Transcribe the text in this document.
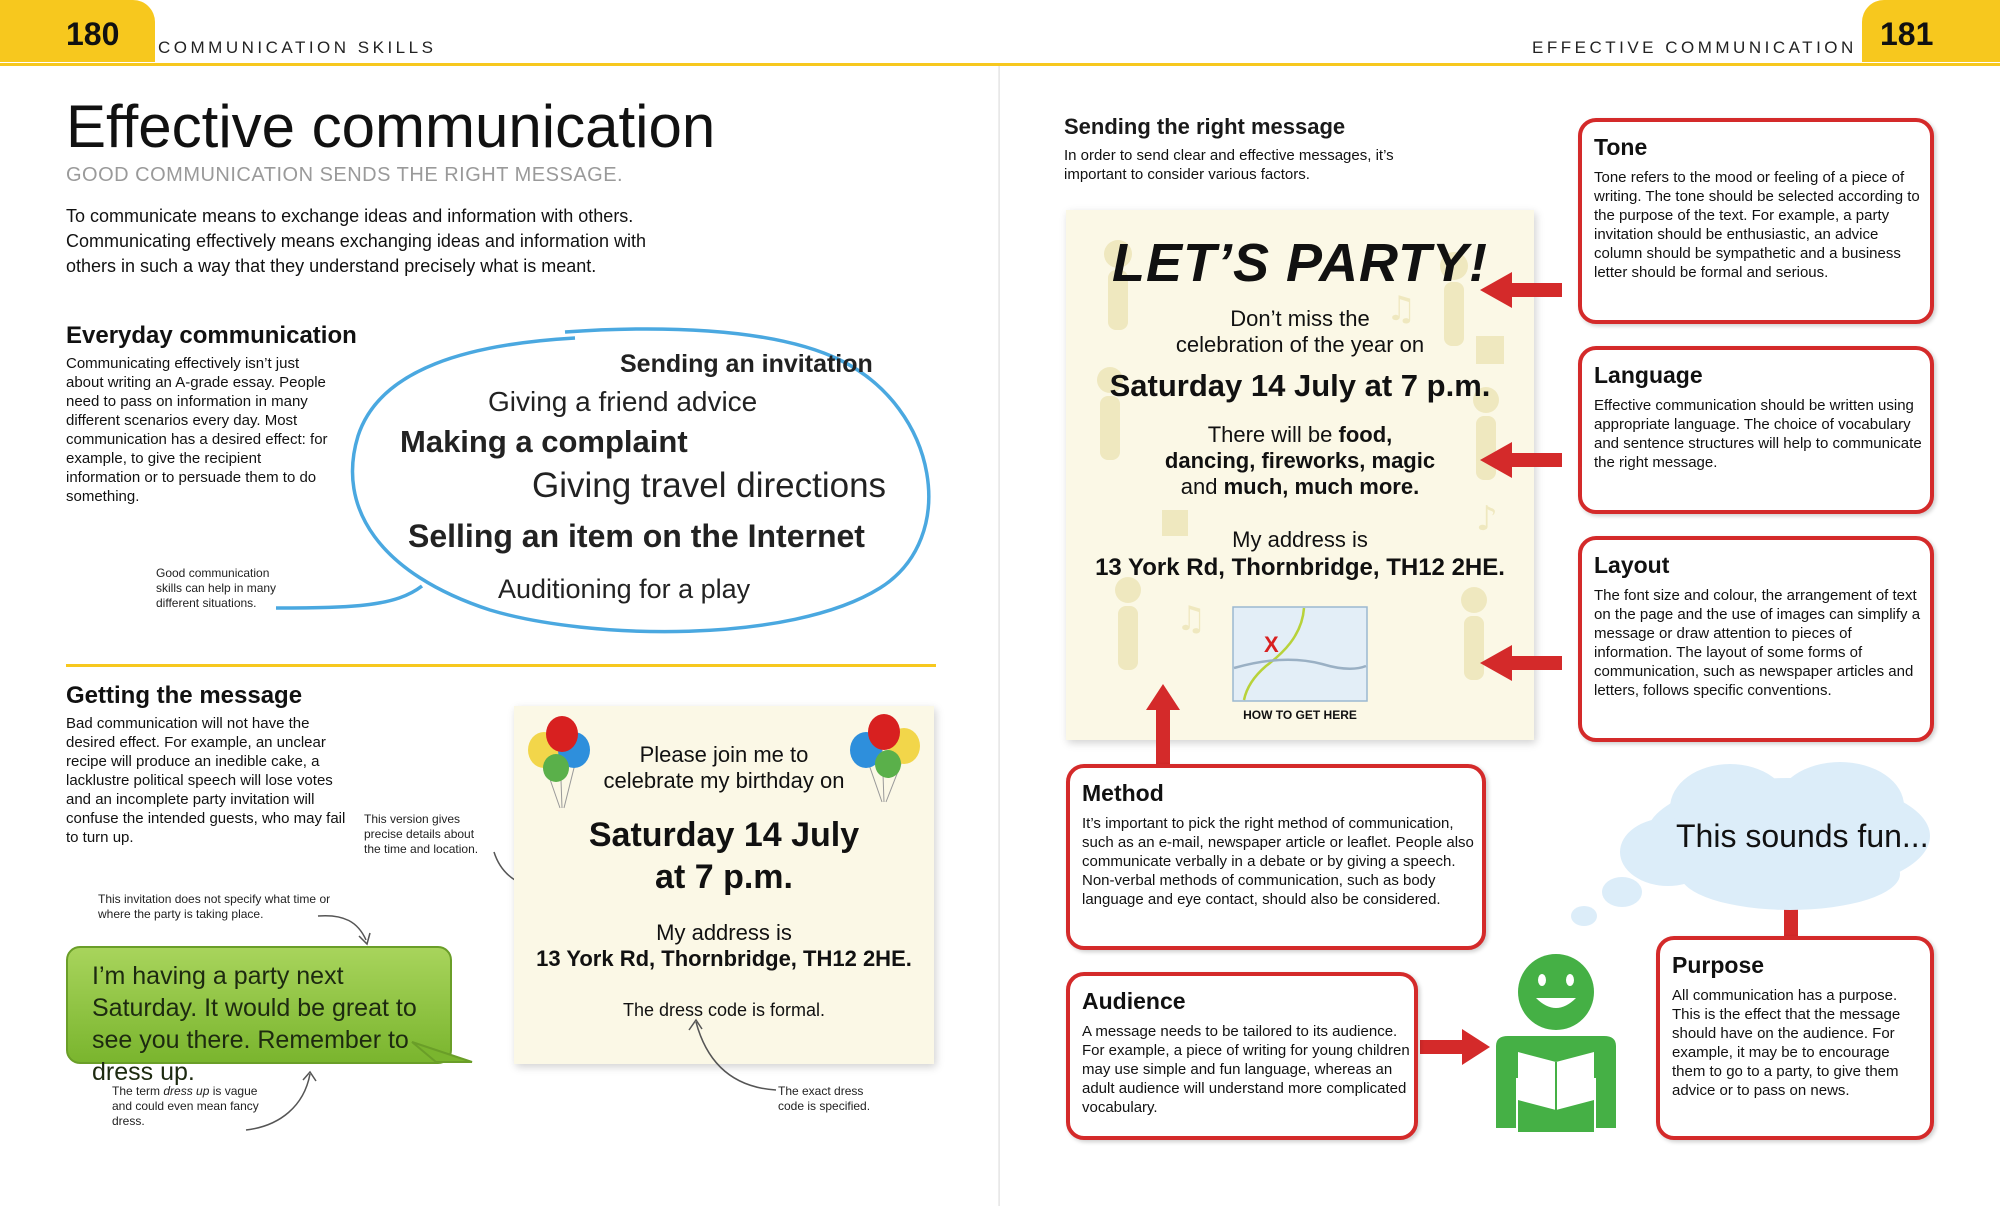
180 COMMUNICATION SKILLS	EFFECTIVE COMMUNICATION 181
Effective communication
GOOD COMMUNICATION SENDS THE RIGHT MESSAGE.
To communicate means to exchange ideas and information with others. Communicating effectively means exchanging ideas and information with others in such a way that they understand precisely what is meant.
Everyday communication
Communicating effectively isn’t just about writing an A-grade essay. People need to pass on information in many different scenarios every day. Most communication has a desired effect: for example, to give the recipient information or to persuade them to do something.
Good communication skills can help in many different situations.
Sending an invitation
Giving a friend advice
Making a complaint
Giving travel directions
Selling an item on the Internet
Auditioning for a play
Getting the message
Bad communication will not have the desired effect. For example, an unclear recipe will produce an inedible cake, a lacklustre political speech will lose votes and an incomplete party invitation will confuse the intended guests, who may fail to turn up.
This invitation does not specify what time or where the party is taking place.
I’m having a party next Saturday. It would be great to see you there. Remember to dress up.
The term dress up is vague and could even mean fancy dress.
This version gives precise details about the time and location.
Please join me to
celebrate my birthday on
Saturday 14 July
at 7 p.m.
My address is
13 York Rd, Thornbridge, TH12 2HE.
The dress code is formal.
The exact dress code is specified.
Sending the right message
In order to send clear and effective messages, it’s important to consider various factors.
♫
♫
♪
LET’S PARTY!
Don’t miss the
celebration of the year on
Saturday 14 July at 7 p.m.
There will be food,
dancing, fireworks, magic
and much, much more.
My address is
13 York Rd, Thornbridge, TH12 2HE.
X
HOW TO GET HERE
Tone
Tone refers to the mood or feeling of a piece of writing. The tone should be selected according to the purpose of the text. For example, a party invitation should be enthusiastic, an advice column should be sympathetic and a business letter should be formal and serious.
Language
Effective communication should be written using appropriate language. The choice of vocabulary and sentence structures will help to communicate the right message.
Layout
The font size and colour, the arrangement of text on the page and the use of images can simplify a message or draw attention to pieces of information. The layout of some forms of communication, such as newspaper articles and letters, follows specific conventions.
Method
It’s important to pick the right method of communication, such as an e-mail, newspaper article or leaflet. People also communicate verbally in a debate or by giving a speech. Non-verbal methods of communication, such as body language and eye contact, should also be considered.
Audience
A message needs to be tailored to its audience. For example, a piece of writing for young children may use simple and fun language, whereas an adult audience will understand more complicated vocabulary.
Purpose
All communication has a purpose. This is the effect that the message should have on the audience. For example, it may be to encourage them to go to a party, to give them advice or to pass on news.
This sounds fun...
